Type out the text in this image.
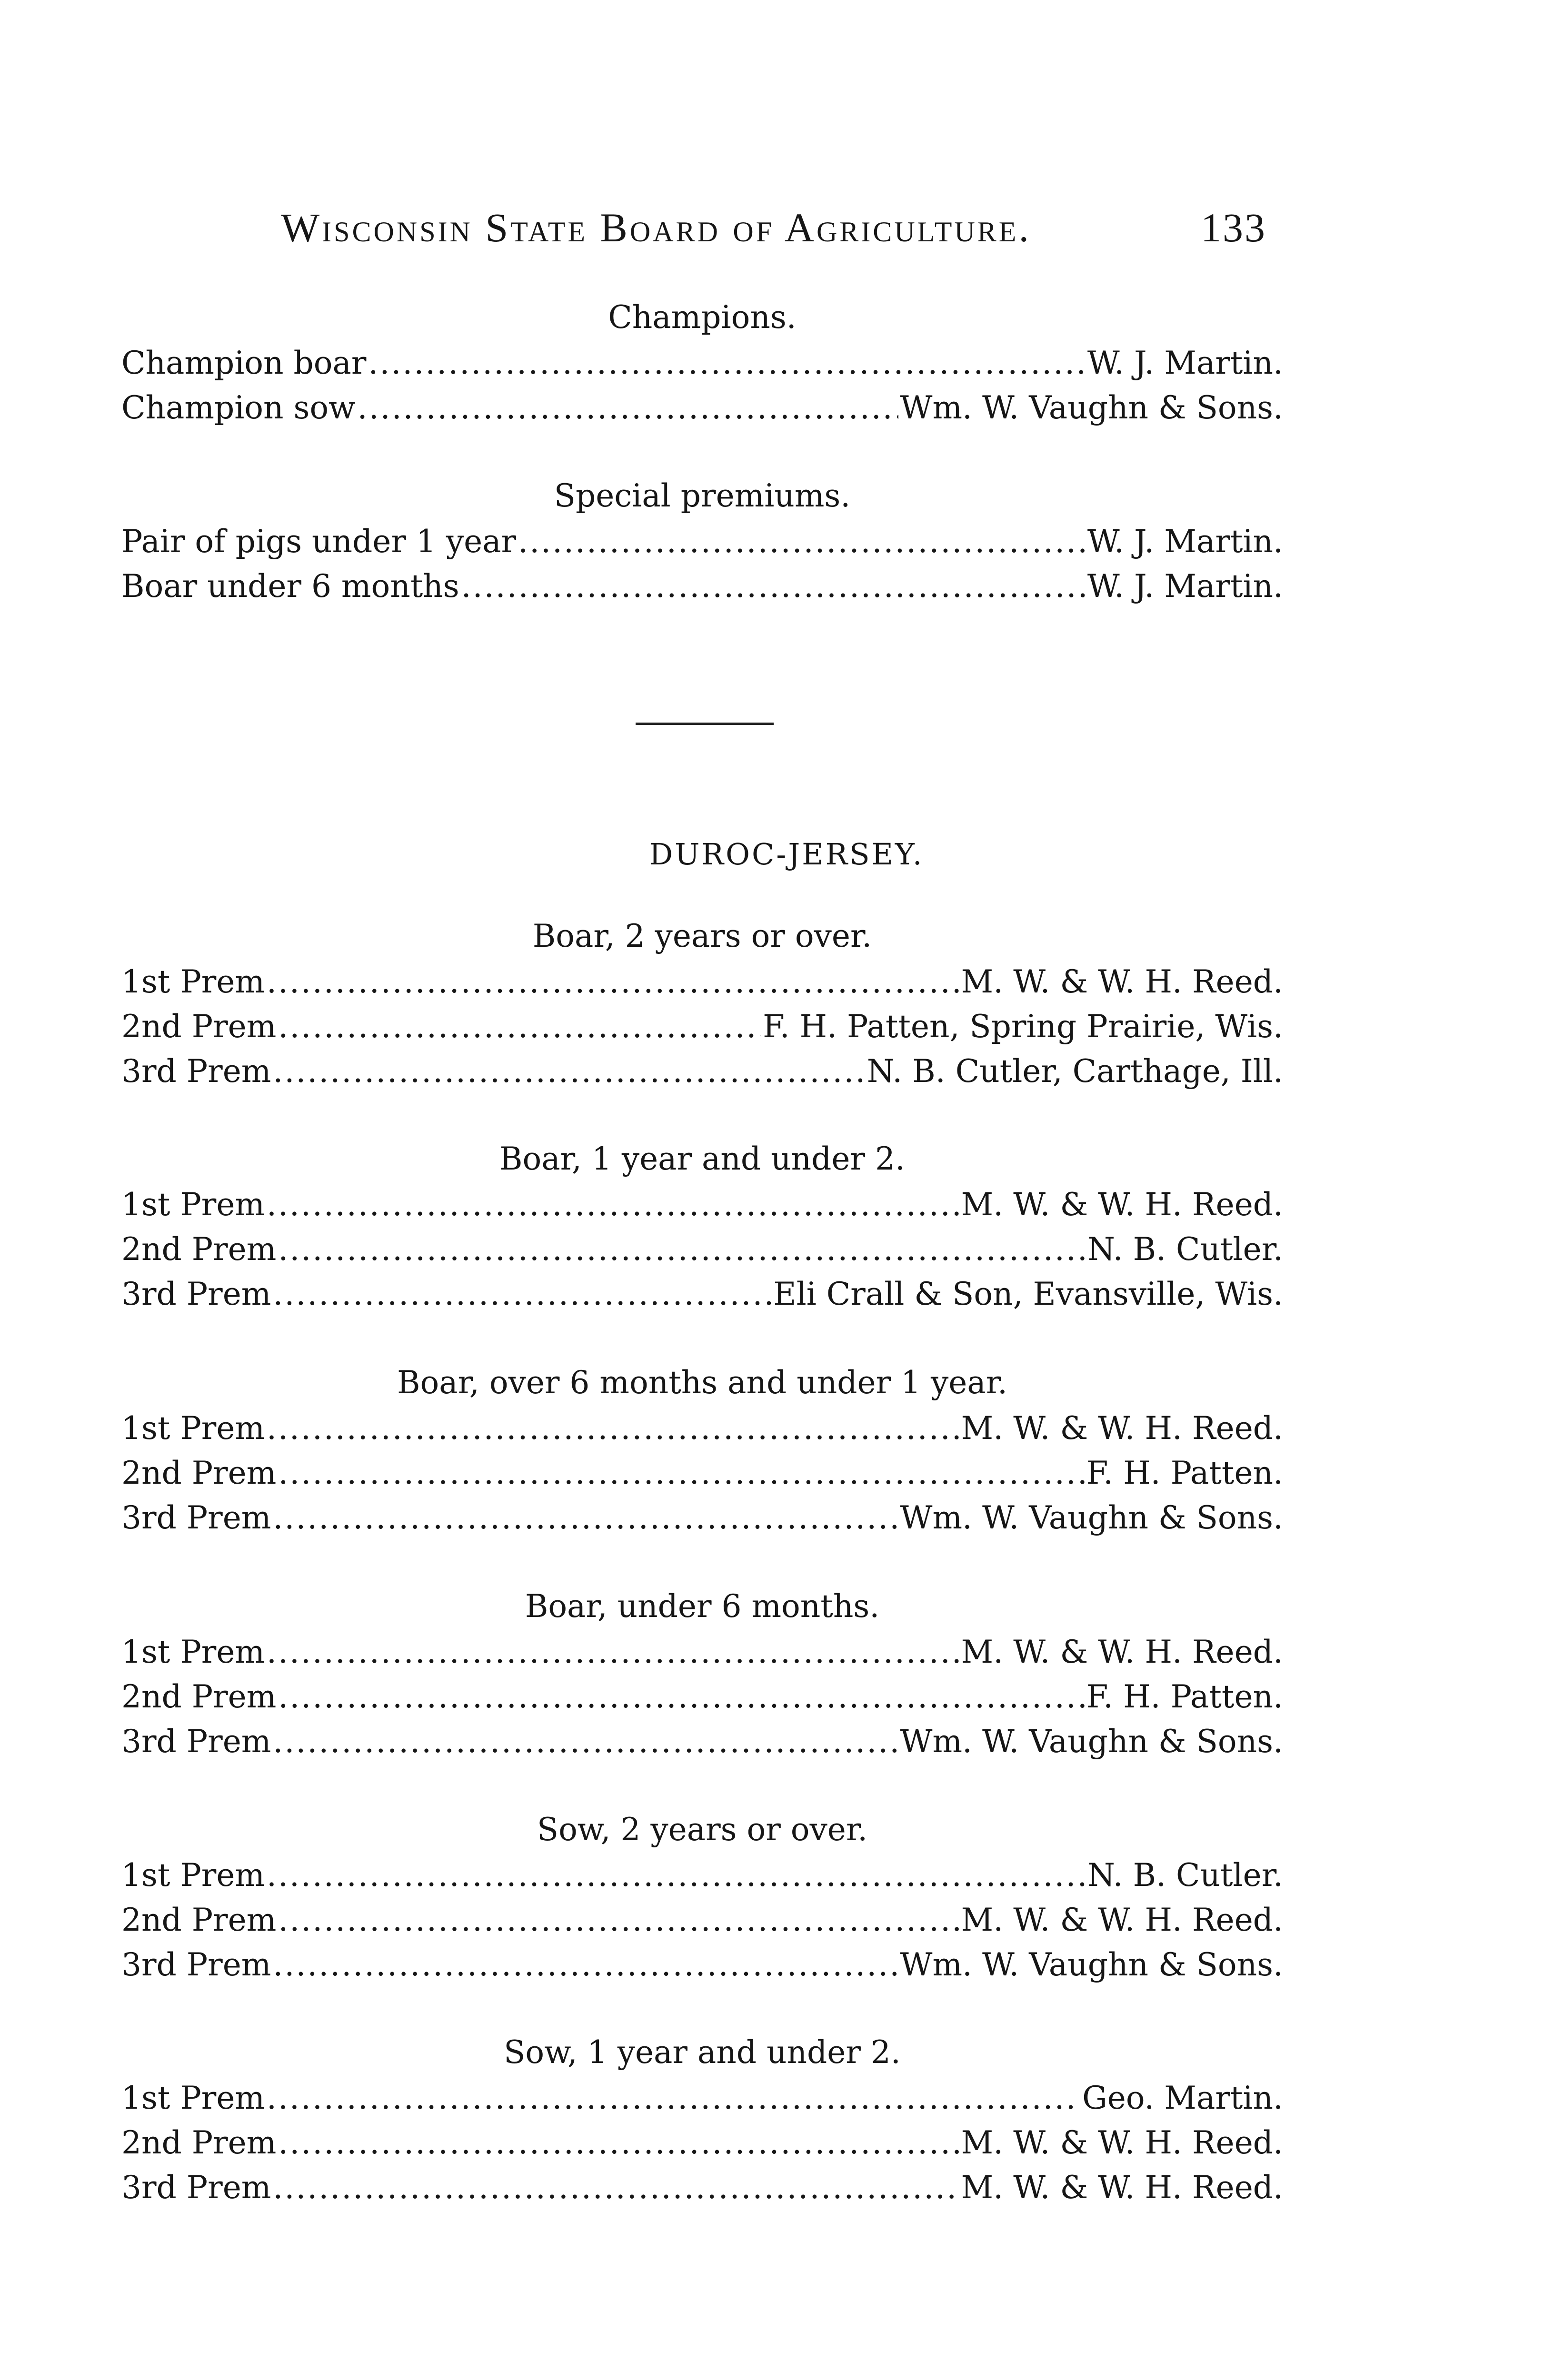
Wisconsin State Board of Agriculture.	133
Champions.
Champion boar .....	W. J. Martin.
Champion sow .....	Wm. W. Vaughn & Sons.
Special premiums.
Pair of pigs under 1 year .....	W. J. Martin.
Boar under 6 months .....	W. J. Martin.
DUROC-JERSEY.
Boar, 2 years or over.
1st Prem .....	M. W. & W. H. Reed.
2nd Prem .....	F. H. Patten, Spring Prairie, Wis.
3rd Prem .....	N. B. Cutler, Carthage, Ill.
Boar, 1 year and under 2.
1st Prem .....	M. W. & W. H. Reed.
2nd Prem .....	N. B. Cutler.
3rd Prem .....	Eli Crall & Son, Evansville, Wis.
Boar, over 6 months and under 1 year.
1st Prem .....	M. W. & W. H. Reed.
2nd Prem .....	F. H. Patten.
3rd Prem .....	Wm. W. Vaughn & Sons.
Boar, under 6 months.
1st Prem .....	M. W. & W. H. Reed.
2nd Prem .....	F. H. Patten.
3rd Prem .....	Wm. W. Vaughn & Sons.
Sow, 2 years or over.
1st Prem .....	N. B. Cutler.
2nd Prem .....	M. W. & W. H. Reed.
3rd Prem .....	Wm. W. Vaughn & Sons.
Sow, 1 year and under 2.
1st Prem .....	Geo. Martin.
2nd Prem .....	M. W. & W. H. Reed.
3rd Prem .....	M. W. & W. H. Reed.
